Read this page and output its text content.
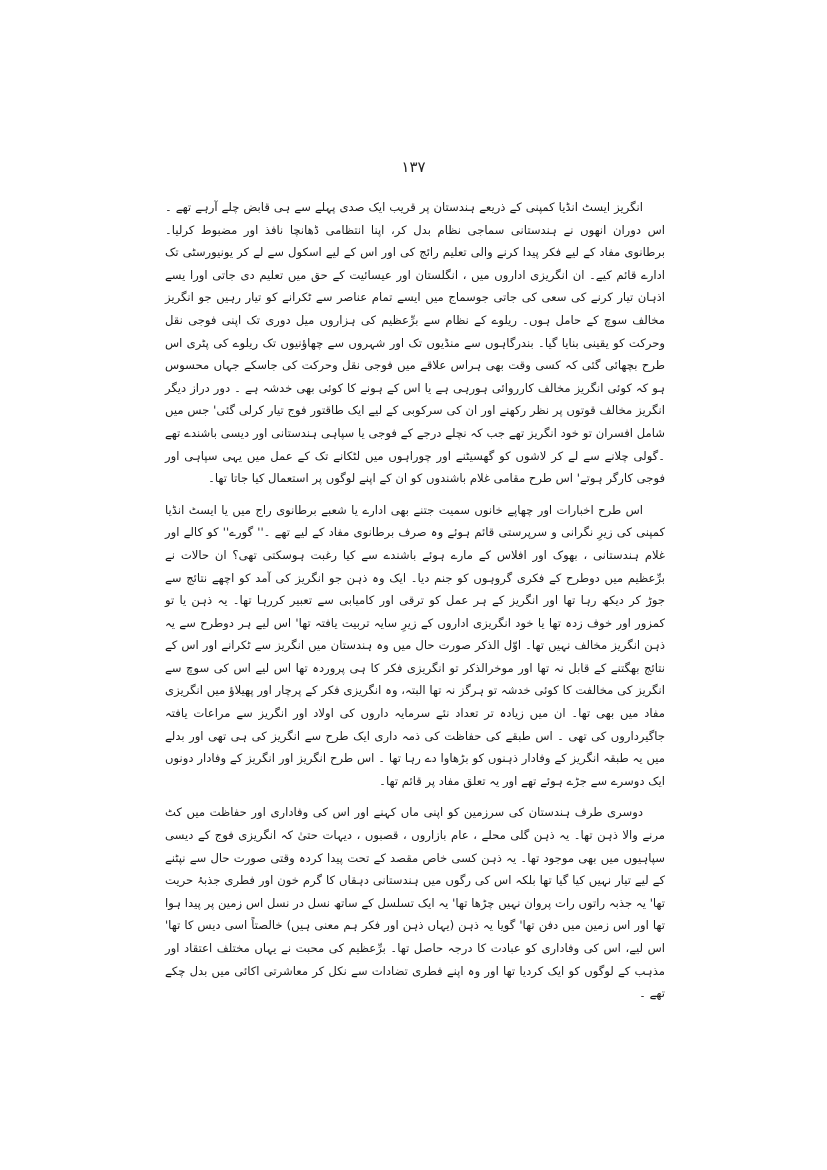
۱۳۷

انگریز ایسٹ انڈیا کمپنی کے ذریعے ہندستان پر قریب ایک صدی پہلے سے ہی قابض چلے آرہے تھے ۔ اس دوران انھوں نے ہندستانی سماجی نظام بدل کر، اپنا انتظامی ڈھانچا نافذ اور مضبوط کرلیا۔ برطانوی مفاد کے لیے فکر پیدا کرنے والی تعلیم رائج کی اور اس کے لیے اسکول سے لے کر یونیورسٹی تک ادارے قائم کیے۔ ان انگریزی اداروں میں ، انگلستان اور عیسائیت کے حق میں تعلیم دی جاتی اورا یسے اذہان تیار کرنے کی سعی کی جاتی جوسماج میں ایسے تمام عناصر سے ٹکرانے کو تیار رہیں جو انگریز مخالف سوچ کے حامل ہوں۔ ریلوے کے نظام سے برِّعظیم کی ہزاروں میل دوری تک اپنی فوجی نقل وحرکت کو یقینی بنایا گیا۔ بندرگاہوں سے منڈیوں تک اور شہروں سے چھاؤنیوں تک ریلوے کی پٹری اس طرح بچھائی گئی کہ کسی وقت بھی ہراس علاقے میں فوجی نقل وحرکت کی جاسکے جہاں محسوس ہو کہ کوئی انگریز مخالف کارروائی ہورہی ہے یا اس کے ہونے کا کوئی بھی خدشہ ہے ۔ دور دراز دیگر انگریز مخالف قوتوں پر نظر رکھنے اور ان کی سرکوبی کے لیے ایک طاقتور فوج تیار کرلی گئی' جس میں شامل افسران تو خود انگریز تھے جب کہ نچلے درجے کے فوجی یا سپاہی ہندستانی اور دیسی باشندے تھے ۔گولی چلانے سے لے کر لاشوں کو گھسیٹنے اور چوراہوں میں لٹکانے تک کے عمل میں یہی سپاہی اور فوجی کارگر ہوتے' اس طرح مقامی غلام باشندوں کو ان کے اپنے لوگوں پر استعمال کیا جاتا تھا۔

اس طرح اخبارات اور چھاپے خانوں سمیت جتنے بھی ادارے یا شعبے برطانوی راج میں یا ایسٹ انڈیا کمپنی کی زیرِ نگرانی و سرپرستی قائم ہوئے وہ صرف برطانوی مفاد کے لیے تھے ۔'' گورے'' کو کالے اور غلام ہندستانی ، بھوک اور افلاس کے مارے ہوئے باشندے سے کیا رغبت ہوسکتی تھی؟ ان حالات نے برِّعظیم میں دوطرح کے فکری گروہوں کو جنم دیا۔ ایک وہ ذہن جو انگریز کی آمد کو اچھے نتائج سے جوڑ کر دیکھ رہا تھا اور انگریز کے ہر عمل کو ترقی اور کامیابی سے تعبیر کررہا تھا۔ یہ ذہن یا تو کمزور اور خوف زدہ تھا یا خود انگریزی اداروں کے زیرِ سایہ تربیت یافتہ تھا' اس لیے ہر دوطرح سے یہ ذہن انگریز مخالف نہیں تھا۔ اوّل الذکر صورت حال میں وہ ہندستان میں انگریز سے ٹکرانے اور اس کے نتائج بھگتنے کے قابل نہ تھا اور موخرالذکر تو انگریزی فکر کا ہی پروردہ تھا اس لیے اس کی سوچ سے انگریز کی مخالفت کا کوئی خدشہ تو ہرگز نہ تھا البتہ، وہ انگریزی فکر کے پرچار اور پھیلاؤ میں انگریزی مفاد میں بھی تھا۔ ان میں زیادہ تر تعداد نئے سرمایہ داروں کی اولاد اور انگریز سے مراعات یافتہ جاگیرداروں کی تھی ۔ اس طبقے کی حفاظت کی ذمہ داری ایک طرح سے انگریز کی ہی تھی اور بدلے میں یہ طبقہ انگریز کے وفادار ذہنوں کو بڑھاوا دے رہا تھا ۔ اس طرح انگریز اور انگریز کے وفادار دونوں ایک دوسرے سے جڑے ہوئے تھے اور یہ تعلق مفاد پر قائم تھا۔

دوسری طرف ہندستان کی سرزمین کو اپنی ماں کہنے اور اس کی وفاداری اور حفاظت میں کٹ مرنے والا ذہن تھا۔ یہ ذہن گلی محلے ، عام بازاروں ، قصبوں ، دیہات حتیٰ کہ انگریزی فوج کے دیسی سپاہیوں میں بھی موجود تھا۔ یہ ذہن کسی خاص مقصد کے تحت پیدا کردہ وقتی صورت حال سے نپٹنے کے لیے تیار نہیں کیا گیا تھا بلکہ اس کی رگوں میں ہندستانی دہقاں کا گرم خون اور فطری جذبۂ حریت تھا' یہ جذبہ راتوں رات پروان نہیں چڑھا تھا' یہ ایک تسلسل کے ساتھ نسل در نسل اس زمین پر پیدا ہوا تھا اور اس زمین میں دفن تھا' گویا یہ ذہن (یہاں ذہن اور فکر ہم معنی ہیں) خالصتاً اسی دیس کا تھا' اس لیے، اس کی وفاداری کو عبادت کا درجہ حاصل تھا۔ برِّعظیم کی محبت نے یہاں مختلف اعتقاد اور مذہب کے لوگوں کو ایک کردیا تھا اور وہ اپنے فطری تضادات سے نکل کر معاشرتی اکائی میں بدل چکے تھے ۔
